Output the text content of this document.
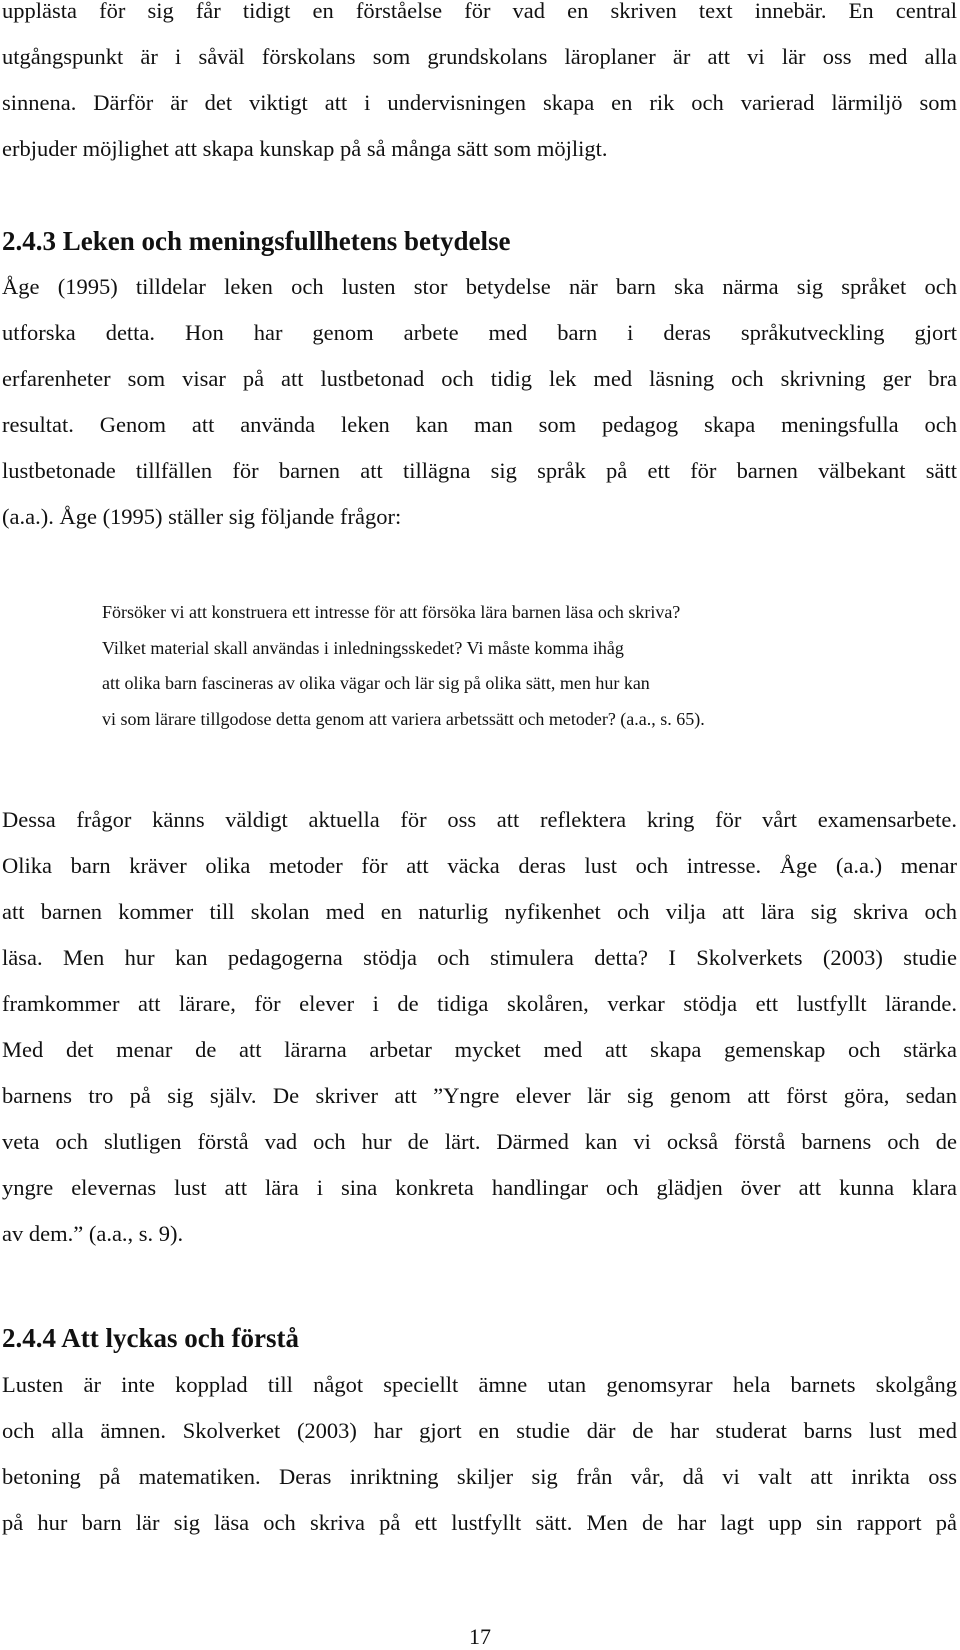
upplästa för sig får tidigt en förståelse för vad en skriven text innebär. En central
utgångspunkt är i såväl förskolans som grundskolans läroplaner är att vi lär oss med alla
sinnena. Därför är det viktigt att i undervisningen skapa en rik och varierad lärmiljö som
erbjuder möjlighet att skapa kunskap på så många sätt som möjligt.
2.4.3 Leken och meningsfullhetens betydelse
Åge (1995) tilldelar leken och lusten stor betydelse när barn ska närma sig språket och
utforska detta. Hon har genom arbete med barn i deras språkutveckling gjort
erfarenheter som visar på att lustbetonad och tidig lek med läsning och skrivning ger bra
resultat. Genom att använda leken kan man som pedagog skapa meningsfulla och
lustbetonade tillfällen för barnen att tillägna sig språk på ett för barnen välbekant sätt
(a.a.). Åge (1995) ställer sig följande frågor:
Försöker vi att konstruera ett intresse för att försöka lära barnen läsa och skriva?
Vilket material skall användas i inledningsskedet? Vi måste komma ihåg
att olika barn fascineras av olika vägar och lär sig på olika sätt, men hur kan
vi som lärare tillgodose detta genom att variera arbetssätt och metoder? (a.a., s. 65).
Dessa frågor känns väldigt aktuella för oss att reflektera kring för vårt examensarbete.
Olika barn kräver olika metoder för att väcka deras lust och intresse. Åge (a.a.) menar
att barnen kommer till skolan med en naturlig nyfikenhet och vilja att lära sig skriva och
läsa. Men hur kan pedagogerna stödja och stimulera detta? I Skolverkets (2003) studie
framkommer att lärare, för elever i de tidiga skolåren, verkar stödja ett lustfyllt lärande.
Med det menar de att lärarna arbetar mycket med att skapa gemenskap och stärka
barnens tro på sig själv. De skriver att ”Yngre elever lär sig genom att först göra, sedan
veta och slutligen förstå vad och hur de lärt. Därmed kan vi också förstå barnens och de
yngre elevernas lust att lära i sina konkreta handlingar och glädjen över att kunna klara
av dem.” (a.a., s. 9).
2.4.4 Att lyckas och förstå
Lusten är inte kopplad till något speciellt ämne utan genomsyrar hela barnets skolgång
och alla ämnen. Skolverket (2003) har gjort en studie där de har studerat barns lust med
betoning på matematiken. Deras inriktning skiljer sig från vår, då vi valt att inrikta oss
på hur barn lär sig läsa och skriva på ett lustfyllt sätt. Men de har lagt upp sin rapport på
17
